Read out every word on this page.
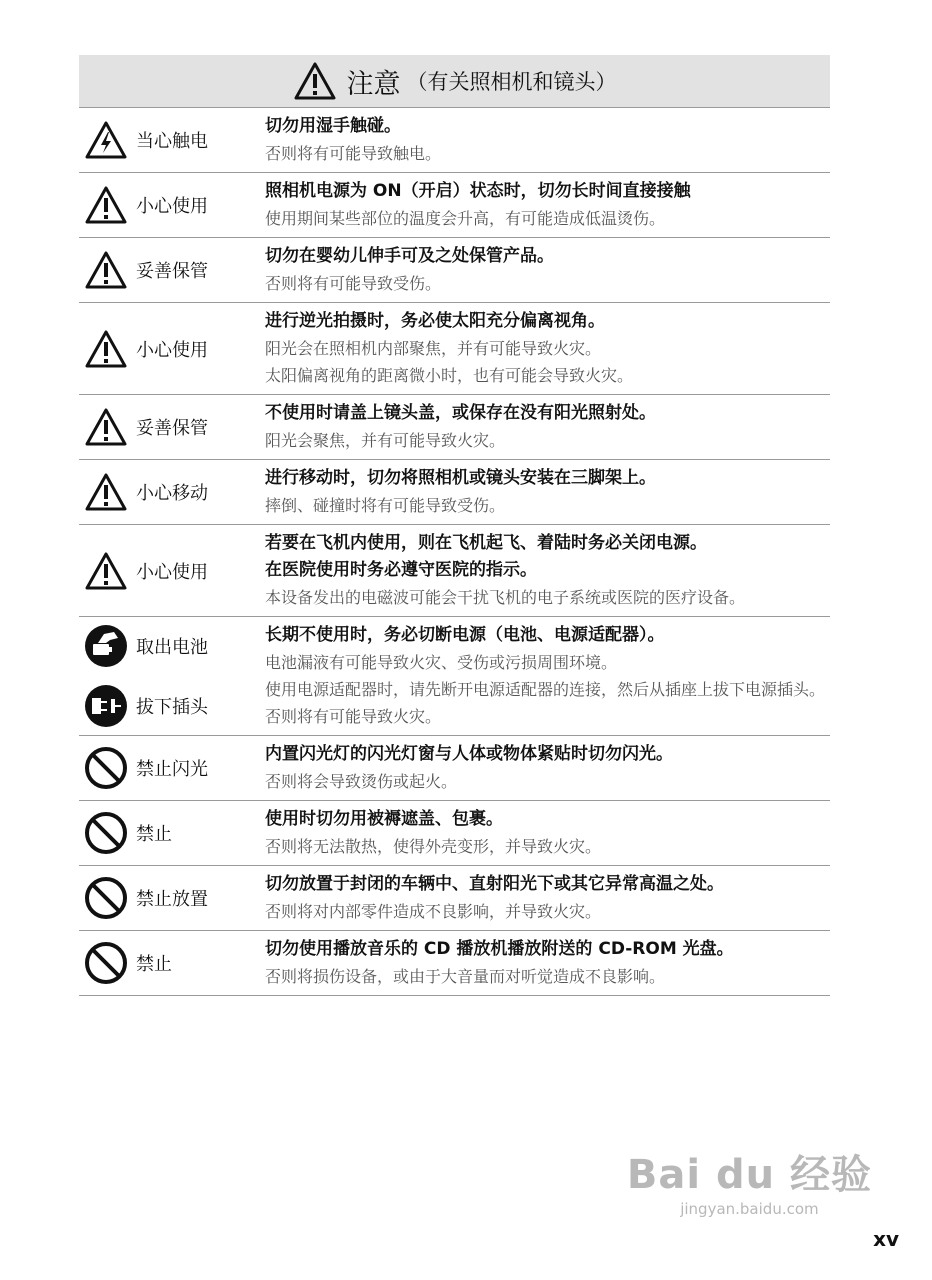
注意 （有关照相机和镜头）
当心触电
切勿用湿手触碰。
否则将有可能导致触电。
小心使用
照相机电源为 ON（开启）状态时，切勿长时间直接接触
使用期间某些部位的温度会升高，有可能造成低温烫伤。
妥善保管
切勿在婴幼儿伸手可及之处保管产品。
否则将有可能导致受伤。
小心使用
进行逆光拍摄时，务必使太阳充分偏离视角。
阳光会在照相机内部聚焦，并有可能导致火灾。
太阳偏离视角的距离微小时，也有可能会导致火灾。
妥善保管
不使用时请盖上镜头盖，或保存在没有阳光照射处。
阳光会聚焦，并有可能导致火灾。
小心移动
进行移动时，切勿将照相机或镜头安装在三脚架上。
摔倒、碰撞时将有可能导致受伤。
小心使用
若要在飞机内使用，则在飞机起飞、着陆时务必关闭电源。
在医院使用时务必遵守医院的指示。
本设备发出的电磁波可能会干扰飞机的电子系统或医院的医疗设备。
取出电池
拔下插头
长期不使用时，务必切断电源（电池、电源适配器）。
电池漏液有可能导致火灾、受伤或污损周围环境。
使用电源适配器时，请先断开电源适配器的连接，然后从插座上拔下电源插头。
否则将有可能导致火灾。
禁止闪光
内置闪光灯的闪光灯窗与人体或物体紧贴时切勿闪光。
否则将会导致烫伤或起火。
禁止
使用时切勿用被褥遮盖、包裹。
否则将无法散热，使得外壳变形，并导致火灾。
禁止放置
切勿放置于封闭的车辆中、直射阳光下或其它异常高温之处。
否则将对内部零件造成不良影响，并导致火灾。
禁止
切勿使用播放音乐的 CD 播放机播放附送的 CD-ROM 光盘。
否则将损伤设备，或由于大音量而对听觉造成不良影响。
Bai du 经验
jingyan.baidu.com
xv
